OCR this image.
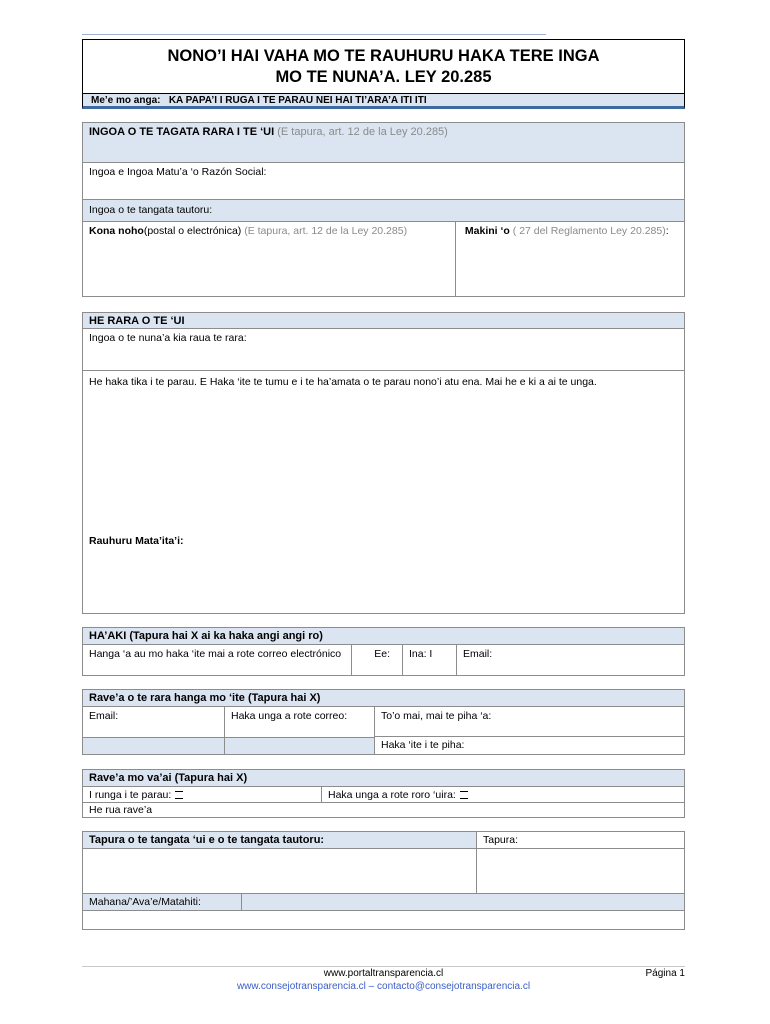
NONO’I HAI VAHA MO TE RAUHURU HAKA TERE INGA
MO TE NUNA’A. LEY 20.285
Me’e mo anga: KA PAPA’I I RUGA I TE PARAU NEI HAI TI’ARA’A ITI ITI
INGOA O TE TAGATA RARA I TE ‘UI (E tapura, art. 12 de la Ley 20.285)
Ingoa e Ingoa Matu’a ‘o Razón Social:
Ingoa o te tangata tautoru:
Kona noho(postal o electrónica) (E tapura, art. 12 de la Ley 20.285)	Makini ‘o ( 27 del Reglamento Ley 20.285):
HE RARA O TE ‘UI
Ingoa o te nuna’a kia raua te rara:
He haka tika i te parau. E Haka ‘ite te tumu e i te ha’amata o te parau nono’i atu ena. Mai he e ki a ai te unga.
Rauhuru Mata’ita’i:
HA’AKI (Tapura hai X ai ka haka angi angi ro)
Hanga ‘a au mo haka ‘ite mai a rote correo electrónico	Ee:	Ina: I	Email:
Rave’a o te rara hanga mo ‘ite (Tapura hai X)
Email:	Haka unga a rote correo:	To’o mai, mai te piha ‘a:
Haka ‘ite i te piha:
Rave’a mo va’ai (Tapura hai X)
I runga i te parau:	Haka unga a rote roro ‘uira:
He rua rave’a
Tapura o te tangata ‘ui e o te tangata tautoru:	Tapura:
Mahana/’Ava’e/Matahiti:
www.portaltransparencia.cl
www.consejotransparencia.cl – contacto@consejotransparencia.cl
Página 1
